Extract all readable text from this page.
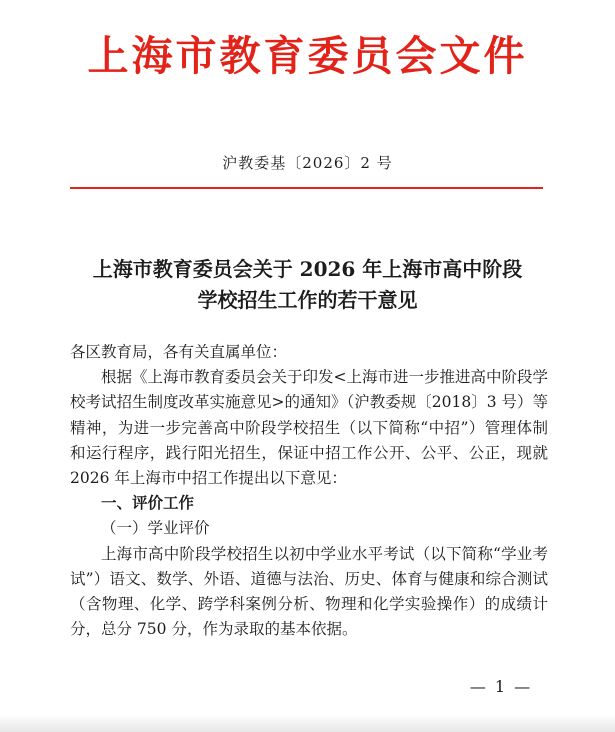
上海市教育委员会文件
沪教委基〔2026〕2 号
上海市教育委员会关于 2026 年上海市高中阶段
学校招生工作的若干意见

各区教育局，各有关直属单位：

根据《上海市教育委员会关于印发<上海市进一步推进高中阶段学校考试招生制度改革实施意见>的通知》（沪教委规〔2018〕3 号）等精神，为进一步完善高中阶段学校招生（以下简称“中招”）管理体制和运行程序，践行阳光招生，保证中招工作公开、公平、公正，现就 2026 年上海市中招工作提出以下意见：

一、评价工作

（一）学业评价

上海市高中阶段学校招生以初中学业水平考试（以下简称“学业考试”）语文、数学、外语、道德与法治、历史、体育与健康和综合测试（含物理、化学、跨学科案例分析、物理和化学实验操作）的成绩计分，总分 750 分，作为录取的基本依据。

— 1 —
